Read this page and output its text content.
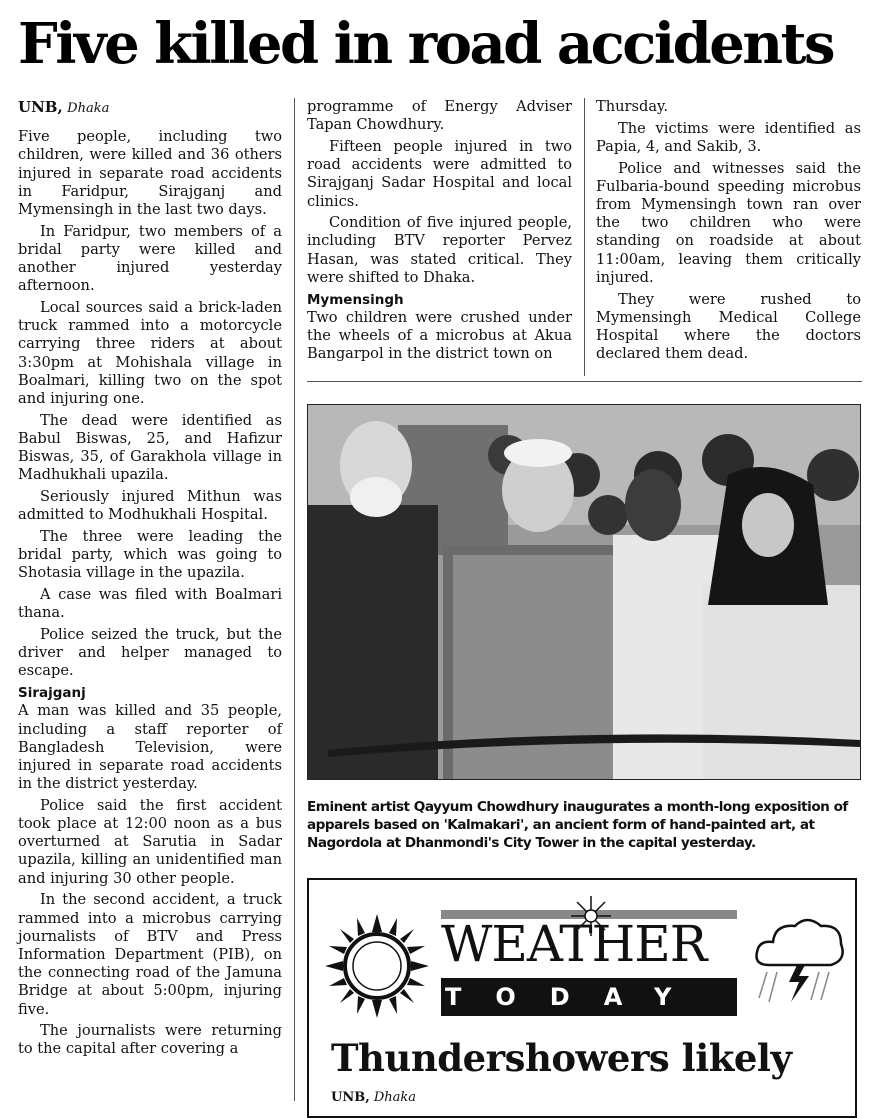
Five killed in road accidents
UNB, Dhaka

Five people, including two children, were killed and 36 others injured in separate road accidents in Faridpur, Sirajganj and Mymensingh in the last two days.

In Faridpur, two members of a bridal party were killed and another injured yesterday afternoon.

Local sources said a brick-laden truck rammed into a motorcycle carrying three riders at about 3:30pm at Mohishala village in Boalmari, killing two on the spot and injuring one.

The dead were identified as Babul Biswas, 25, and Hafizur Biswas, 35, of Garakhola village in Madhukhali upazila.

Seriously injured Mithun was admitted to Modhukhali Hospital.

The three were leading the bridal party, which was going to Shotasia village in the upazila.

A case was filed with Boalmari thana.

Police seized the truck, but the driver and helper managed to escape.

Sirajganj

A man was killed and 35 people, including a staff reporter of Bangladesh Television, were injured in separate road accidents in the district yesterday.

Police said the first accident took place at 12:00 noon as a bus overturned at Sarutia in Sadar upazila, killing an unidentified man and injuring 30 other people.

In the second accident, a truck rammed into a microbus carrying journalists of BTV and Press Information Department (PIB), on the connecting road of the Jamuna Bridge at about 5:00pm, injuring five.

The journalists were returning to the capital after covering a

programme of Energy Adviser Tapan Chowdhury.

Fifteen people injured in two road accidents were admitted to Sirajganj Sadar Hospital and local clinics.

Condition of five injured people, including BTV reporter Pervez Hasan, was stated critical. They were shifted to Dhaka.

Mymensingh

Two children were crushed under the wheels of a microbus at Akua Bangarpol in the district town on

Thursday.

The victims were identified as Papia, 4, and Sakib, 3.

Police and witnesses said the Fulbaria-bound speeding microbus from Mymensingh town ran over the two children who were standing on roadside at about 11:00am, leaving them critically injured.

They were rushed to Mymensingh Medical College Hospital where the doctors declared them dead.

Eminent artist Qayyum Chowdhury inaugurates a month-long exposition of apparels based on 'Kalmakari', an ancient form of hand-painted art, at Nagordola at Dhanmondi's City Tower in the capital yesterday.

WEATHER

TODAY

Thundershowers likely

UNB, Dhaka
